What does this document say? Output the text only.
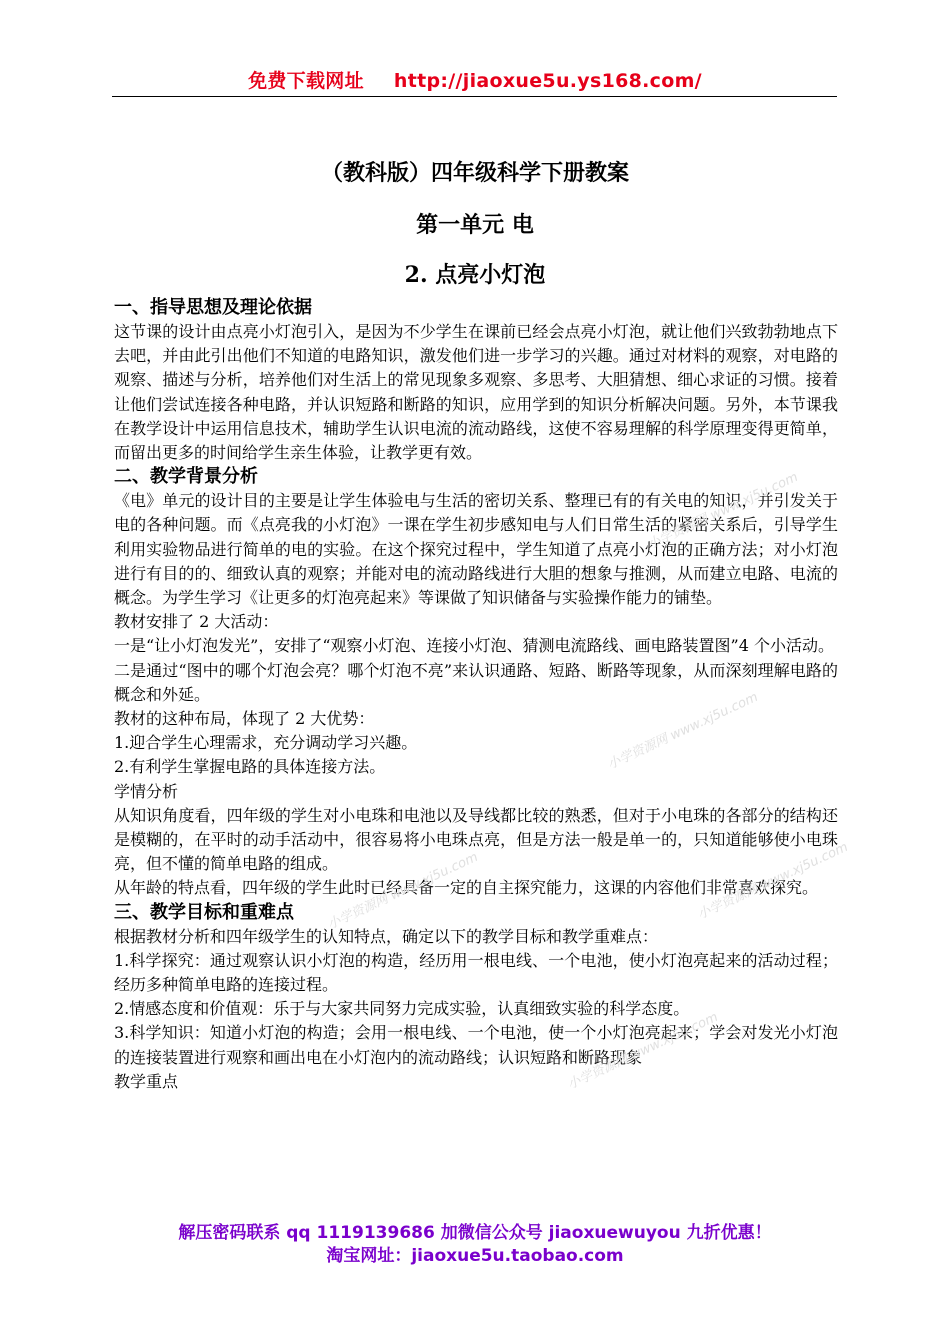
免费下载网址 http://jiaoxue5u.ys168.com/
（教科版）四年级科学下册教案
第一单元 电
2. 点亮小灯泡
一、指导思想及理论依据

这节课的设计由点亮小灯泡引入，是因为不少学生在课前已经会点亮小灯泡，就让他们兴致勃勃地点下去吧，并由此引出他们不知道的电路知识，激发他们进一步学习的兴趣。通过对材料的观察，对电路的观察、描述与分析，培养他们对生活上的常见现象多观察、多思考、大胆猜想、细心求证的习惯。接着让他们尝试连接各种电路，并认识短路和断路的知识，应用学到的知识分析解决问题。另外，本节课我在教学设计中运用信息技术，辅助学生认识电流的流动路线，这使不容易理解的科学原理变得更简单，而留出更多的时间给学生亲生体验，让教学更有效。

二、教学背景分析

《电》单元的设计目的主要是让学生体验电与生活的密切关系、整理已有的有关电的知识，并引发关于电的各种问题。而《点亮我的小灯泡》一课在学生初步感知电与人们日常生活的紧密关系后，引导学生利用实验物品进行简单的电的实验。在这个探究过程中，学生知道了点亮小灯泡的正确方法；对小灯泡进行有目的的、细致认真的观察；并能对电的流动路线进行大胆的想象与推测，从而建立电路、电流的概念。为学生学习《让更多的灯泡亮起来》等课做了知识储备与实验操作能力的铺垫。

教材安排了 2 大活动：

一是“让小灯泡发光”，安排了“观察小灯泡、连接小灯泡、猜测电流路线、画电路装置图”4 个小活动。

二是通过“图中的哪个灯泡会亮？哪个灯泡不亮”来认识通路、短路、断路等现象，从而深刻理解电路的概念和外延。

教材的这种布局，体现了 2 大优势：

1.迎合学生心理需求，充分调动学习兴趣。

2.有利学生掌握电路的具体连接方法。

学情分析

从知识角度看，四年级的学生对小电珠和电池以及导线都比较的熟悉，但对于小电珠的各部分的结构还是模糊的，在平时的动手活动中，很容易将小电珠点亮，但是方法一般是单一的，只知道能够使小电珠亮，但不懂的简单电路的组成。

从年龄的特点看，四年级的学生此时已经具备一定的自主探究能力，这课的内容他们非常喜欢探究。

三、教学目标和重难点

根据教材分析和四年级学生的认知特点，确定以下的教学目标和教学重难点：

1.科学探究：通过观察认识小灯泡的构造，经历用一根电线、一个电池，使小灯泡亮起来的活动过程；经历多种简单电路的连接过程。

2.情感态度和价值观：乐于与大家共同努力完成实验，认真细致实验的科学态度。

3.科学知识：知道小灯泡的构造；会用一根电线、一个电池，使一个小灯泡亮起来；学会对发光小灯泡的连接装置进行观察和画出电在小灯泡内的流动路线；认识短路和断路现象

教学重点

小学资源网 www.xj5u.com
小学资源网 www.xj5u.com
小学资源网 www.xj5u.com	小学资源网 www.xj5u.com
小学资源网 www.xj5u.com
解压密码联系 qq 1119139686 加微信公众号 jiaoxuewuyou 九折优惠！
淘宝网址：jiaoxue5u.taobao.com
